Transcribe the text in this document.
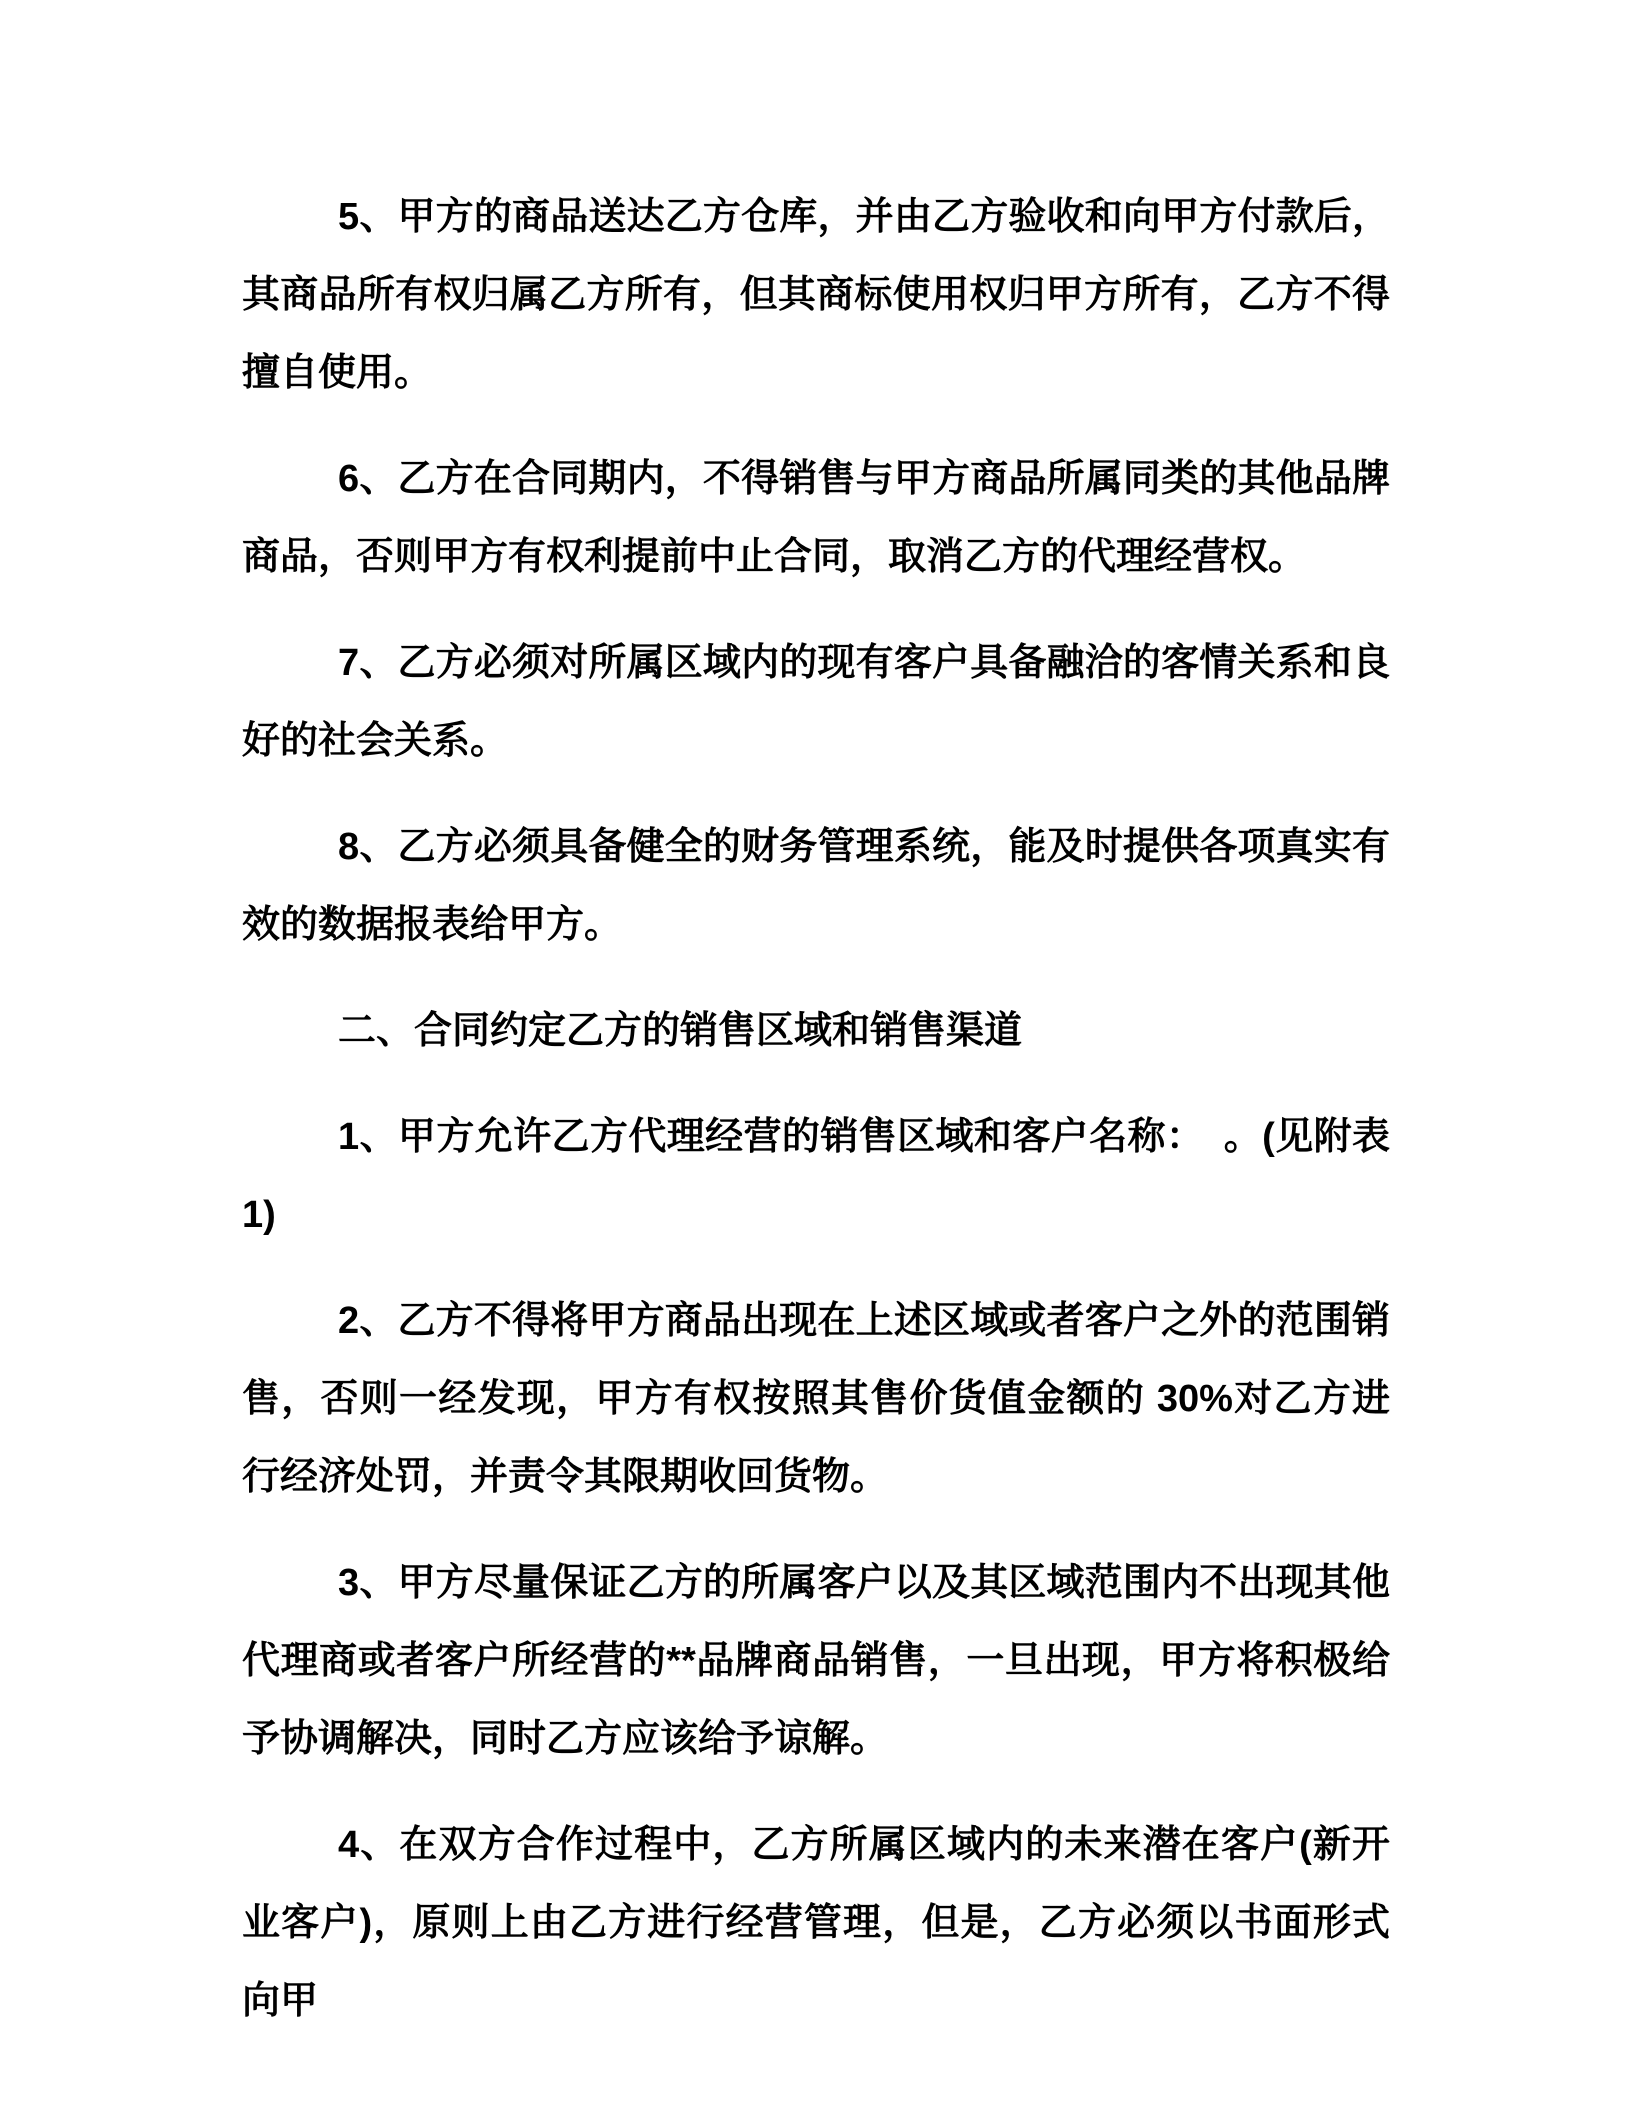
5、甲方的商品送达乙方仓库，并由乙方验收和向甲方付款后，其商品所有权归属乙方所有，但其商标使用权归甲方所有，乙方不得擅自使用。

6、乙方在合同期内，不得销售与甲方商品所属同类的其他品牌商品，否则甲方有权利提前中止合同，取消乙方的代理经营权。

7、乙方必须对所属区域内的现有客户具备融洽的客情关系和良好的社会关系。

8、乙方必须具备健全的财务管理系统，能及时提供各项真实有效的数据报表给甲方。

二、合同约定乙方的销售区域和销售渠道

1、甲方允许乙方代理经营的销售区域和客户名称：　。(见附表 1)

2、乙方不得将甲方商品出现在上述区域或者客户之外的范围销售，否则一经发现，甲方有权按照其售价货值金额的 30%对乙方进行经济处罚，并责令其限期收回货物。

3、甲方尽量保证乙方的所属客户以及其区域范围内不出现其他代理商或者客户所经营的**品牌商品销售，一旦出现，甲方将积极给予协调解决，同时乙方应该给予谅解。

4、在双方合作过程中，乙方所属区域内的未来潜在客户(新开业客户)，原则上由乙方进行经营管理，但是，乙方必须以书面形式向甲
